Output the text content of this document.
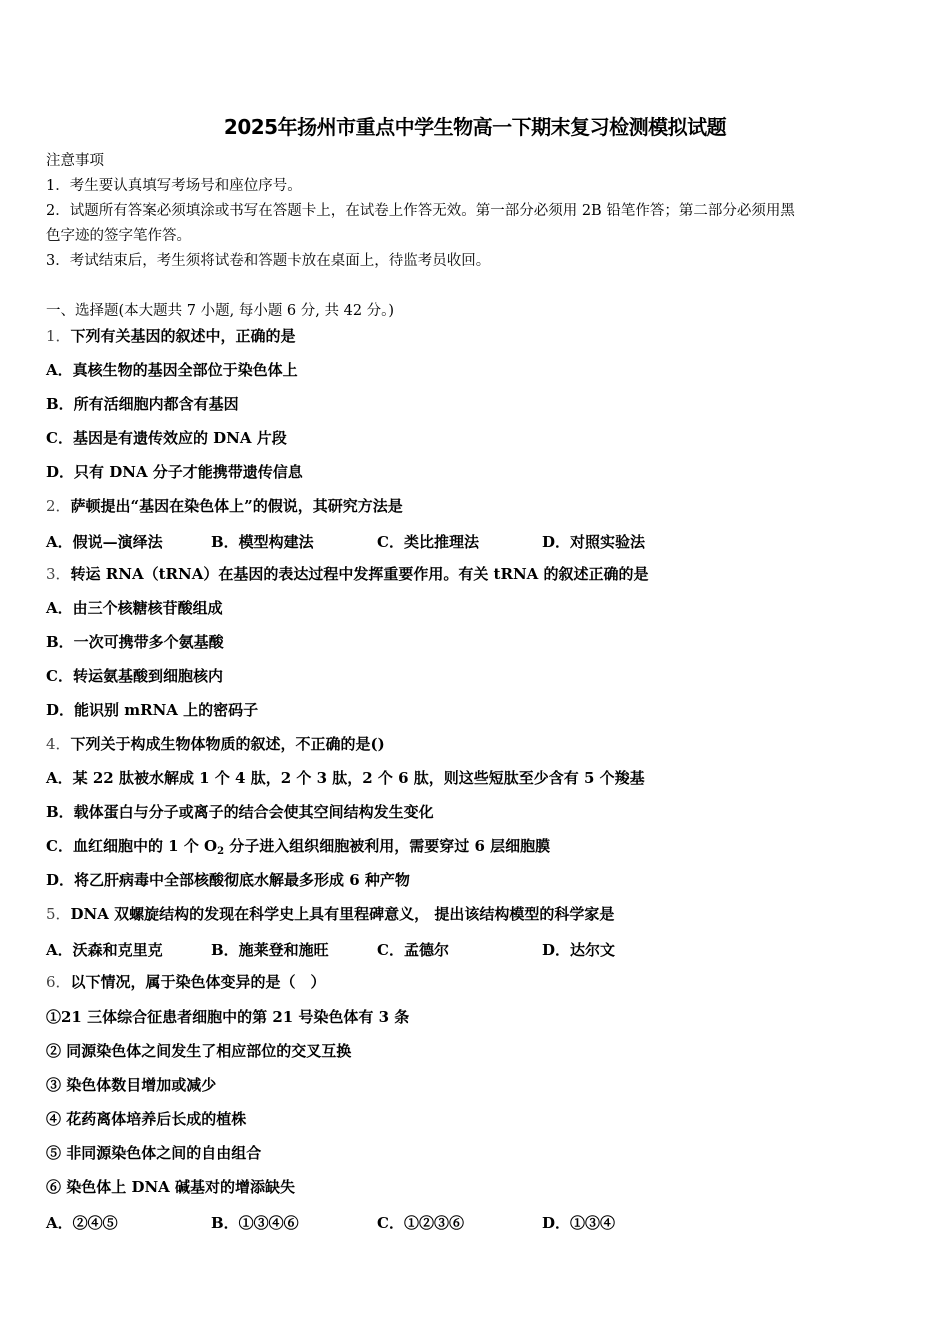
2025年扬州市重点中学生物高一下期末复习检测模拟试题
注意事项
1．考生要认真填写考场号和座位序号。
2．试题所有答案必须填涂或书写在答题卡上，在试卷上作答无效。第一部分必须用 2B 铅笔作答；第二部分必须用黑
色字迹的签字笔作答。
3．考试结束后，考生须将试卷和答题卡放在桌面上，待监考员收回。
一、选择题(本大题共 7 小题, 每小题 6 分, 共 42 分。)
1．下列有关基因的叙述中，正确的是
A．真核生物的基因全部位于染色体上
B．所有活细胞内都含有基因
C．基因是有遗传效应的 DNA 片段
D．只有 DNA 分子才能携带遗传信息
2．萨顿提出“基因在染色体上”的假说，其研究方法是
A．假说—演绎法	B．模型构建法	C．类比推理法	D．对照实验法
3．转运 RNA（tRNA）在基因的表达过程中发挥重要作用。有关 tRNA 的叙述正确的是
A．由三个核糖核苷酸组成
B．一次可携带多个氨基酸
C．转运氨基酸到细胞核内
D．能识别 mRNA 上的密码子
4．下列关于构成生物体物质的叙述，不正确的是()
A．某 22 肽被水解成 1 个 4 肽，2 个 3 肽，2 个 6 肽，则这些短肽至少含有 5 个羧基
B．载体蛋白与分子或离子的结合会使其空间结构发生变化
C．血红细胞中的 1 个 $O_2$ 分子进入组织细胞被利用，需要穿过 6 层细胞膜
D．将乙肝病毒中全部核酸彻底水解最多形成 6 种产物
5．DNA 双螺旋结构的发现在科学史上具有里程碑意义， 提出该结构模型的科学家是
A．沃森和克里克	B．施莱登和施旺	C．孟德尔	D．达尔文
6．以下情况，属于染色体变异的是（　）
①21 三体综合征患者细胞中的第 21 号染色体有 3 条
② 同源染色体之间发生了相应部位的交叉互换
③ 染色体数目增加或减少
④ 花药离体培养后长成的植株
⑤ 非同源染色体之间的自由组合
⑥ 染色体上 DNA 碱基对的增添缺失
A．②④⑤	B．①③④⑥	C．①②③⑥	D．①③④
